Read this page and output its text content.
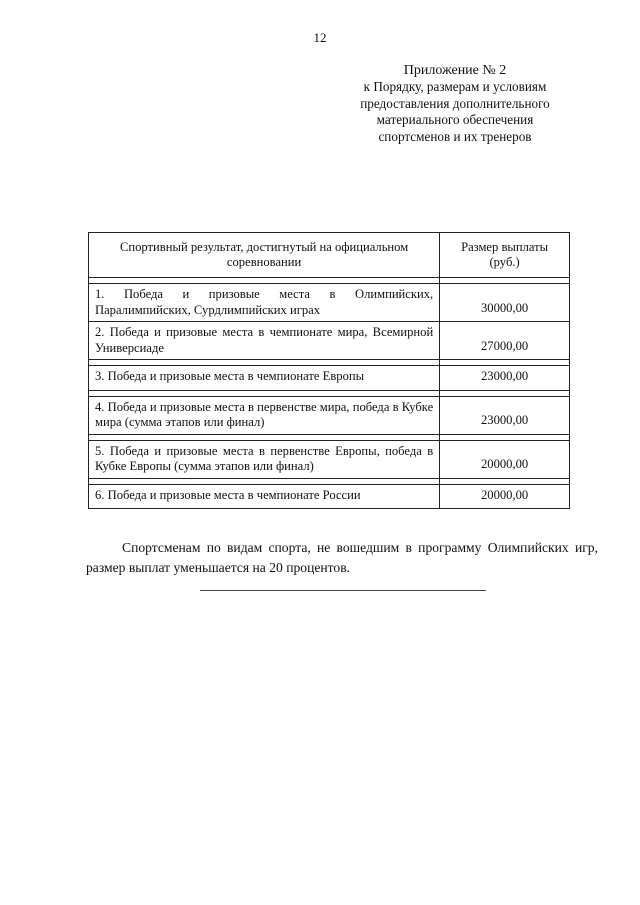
12
Приложение № 2
к Порядку, размерам и условиям
предоставления дополнительного
материального обеспечения
спортсменов и их тренеров
Спортивный результат, достигнутый на официальном соревновании	Размер выплаты (руб.)

1. Победа и призовые места в Олимпийских, Паралимпийских, Сурдлимпийских играх	30000,00
2. Победа и призовые места в чемпионате мира, Всемирной Универсиаде	27000,00

3. Победа и призовые места в чемпионате Европы	23000,00

4. Победа и призовые места в первенстве мира, победа в Кубке мира (сумма этапов или финал)	23000,00

5. Победа и призовые места в первенстве Европы, победа в Кубке Европы (сумма этапов или финал)	20000,00

6. Победа и призовые места в чемпионате России	20000,00

Спортсменам по видам спорта, не вошедшим в программу Олимпийских игр, размер выплат уменьшается на 20 процентов.
